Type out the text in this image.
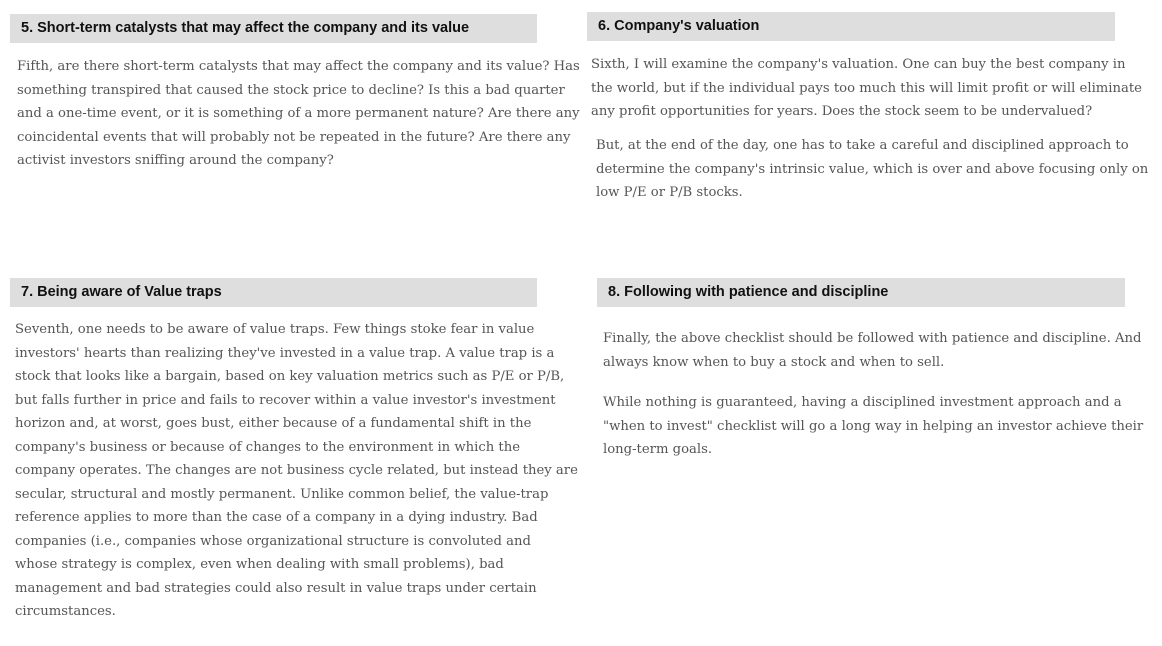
5. Short-term catalysts that may affect the company and its value

Fifth, are there short-term catalysts that may affect the company and its value? Has
something transpired that caused the stock price to decline? Is this a bad quarter
and a one-time event, or it is something of a more permanent nature? Are there any
coincidental events that will probably not be repeated in the future? Are there any
activist investors sniffing around the company?

6. Company's valuation

Sixth, I will examine the company's valuation. One can buy the best company in
the world, but if the individual pays too much this will limit profit or will eliminate
any profit opportunities for years. Does the stock seem to be undervalued?

But, at the end of the day, one has to take a careful and disciplined approach to
determine the company's intrinsic value, which is over and above focusing only on
low P/E or P/B stocks.

7. Being aware of Value traps

Seventh, one needs to be aware of value traps. Few things stoke fear in value
investors' hearts than realizing they've invested in a value trap. A value trap is a
stock that looks like a bargain, based on key valuation metrics such as P/E or P/B,
but falls further in price and fails to recover within a value investor's investment
horizon and, at worst, goes bust, either because of a fundamental shift in the
company's business or because of changes to the environment in which the
company operates. The changes are not business cycle related, but instead they are
secular, structural and mostly permanent. Unlike common belief, the value-trap
reference applies to more than the case of a company in a dying industry. Bad
companies (i.e., companies whose organizational structure is convoluted and
whose strategy is complex, even when dealing with small problems), bad
management and bad strategies could also result in value traps under certain
circumstances.

8. Following with patience and discipline

Finally, the above checklist should be followed with patience and discipline. And
always know when to buy a stock and when to sell.

While nothing is guaranteed, having a disciplined investment approach and a
"when to invest" checklist will go a long way in helping an investor achieve their
long-term goals.
